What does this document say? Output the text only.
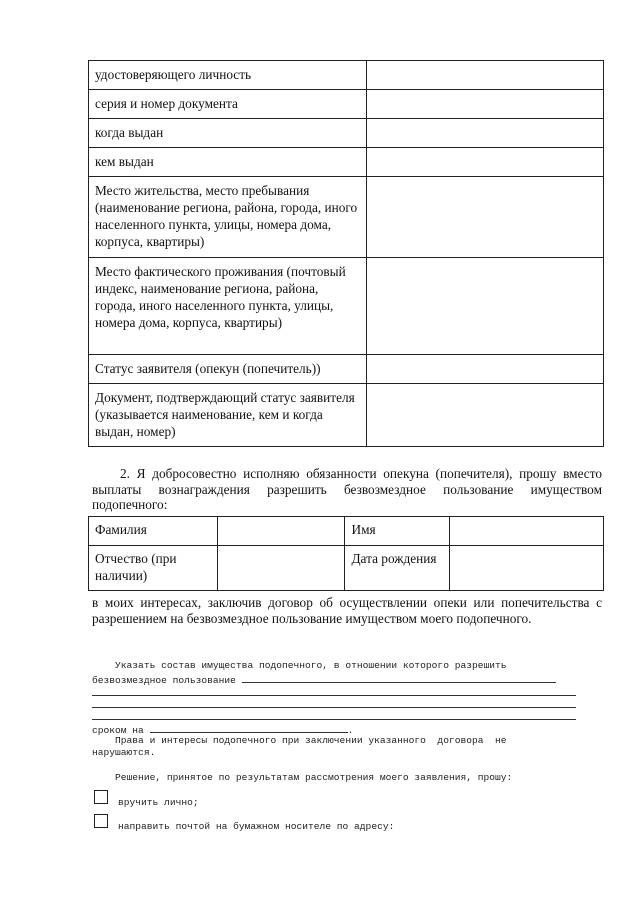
удостоверяющего личность	
серия и номер документа	
когда выдан	
кем выдан	
Место жительства, место пребывания (наименование региона, района, города, иного населенного пункта, улицы, номера дома, корпуса, квартиры)	
Место фактического проживания (почтовый индекс, наименование региона, района, города, иного населенного пункта, улицы, номера дома, корпуса, квартиры)	
Статус заявителя (опекун (попечитель))	
Документ, подтверждающий статус заявителя (указывается наименование, кем и когда выдан, номер)	
2. Я добросовестно исполняю обязанности опекуна (попечителя), прошу вместо выплаты вознаграждения разрешить безвозмездное пользование имуществом подопечного:
Фамилия		Имя	
Отчество (при наличии)		Дата рождения	
в моих интересах, заключив договор об осуществлении опеки или попечительства с разрешением на безвозмездное пользование имуществом моего подопечного.
Указать состав имущества подопечного, в отношении которого разрешить
безвозмездное пользование
сроком на	.
Права и интересы подопечного при заключении указанного  договора  не
нарушаются.
Решение, принятое по результатам рассмотрения моего заявления, прошу:
вручить лично;
направить почтой на бумажном носителе по адресу:
